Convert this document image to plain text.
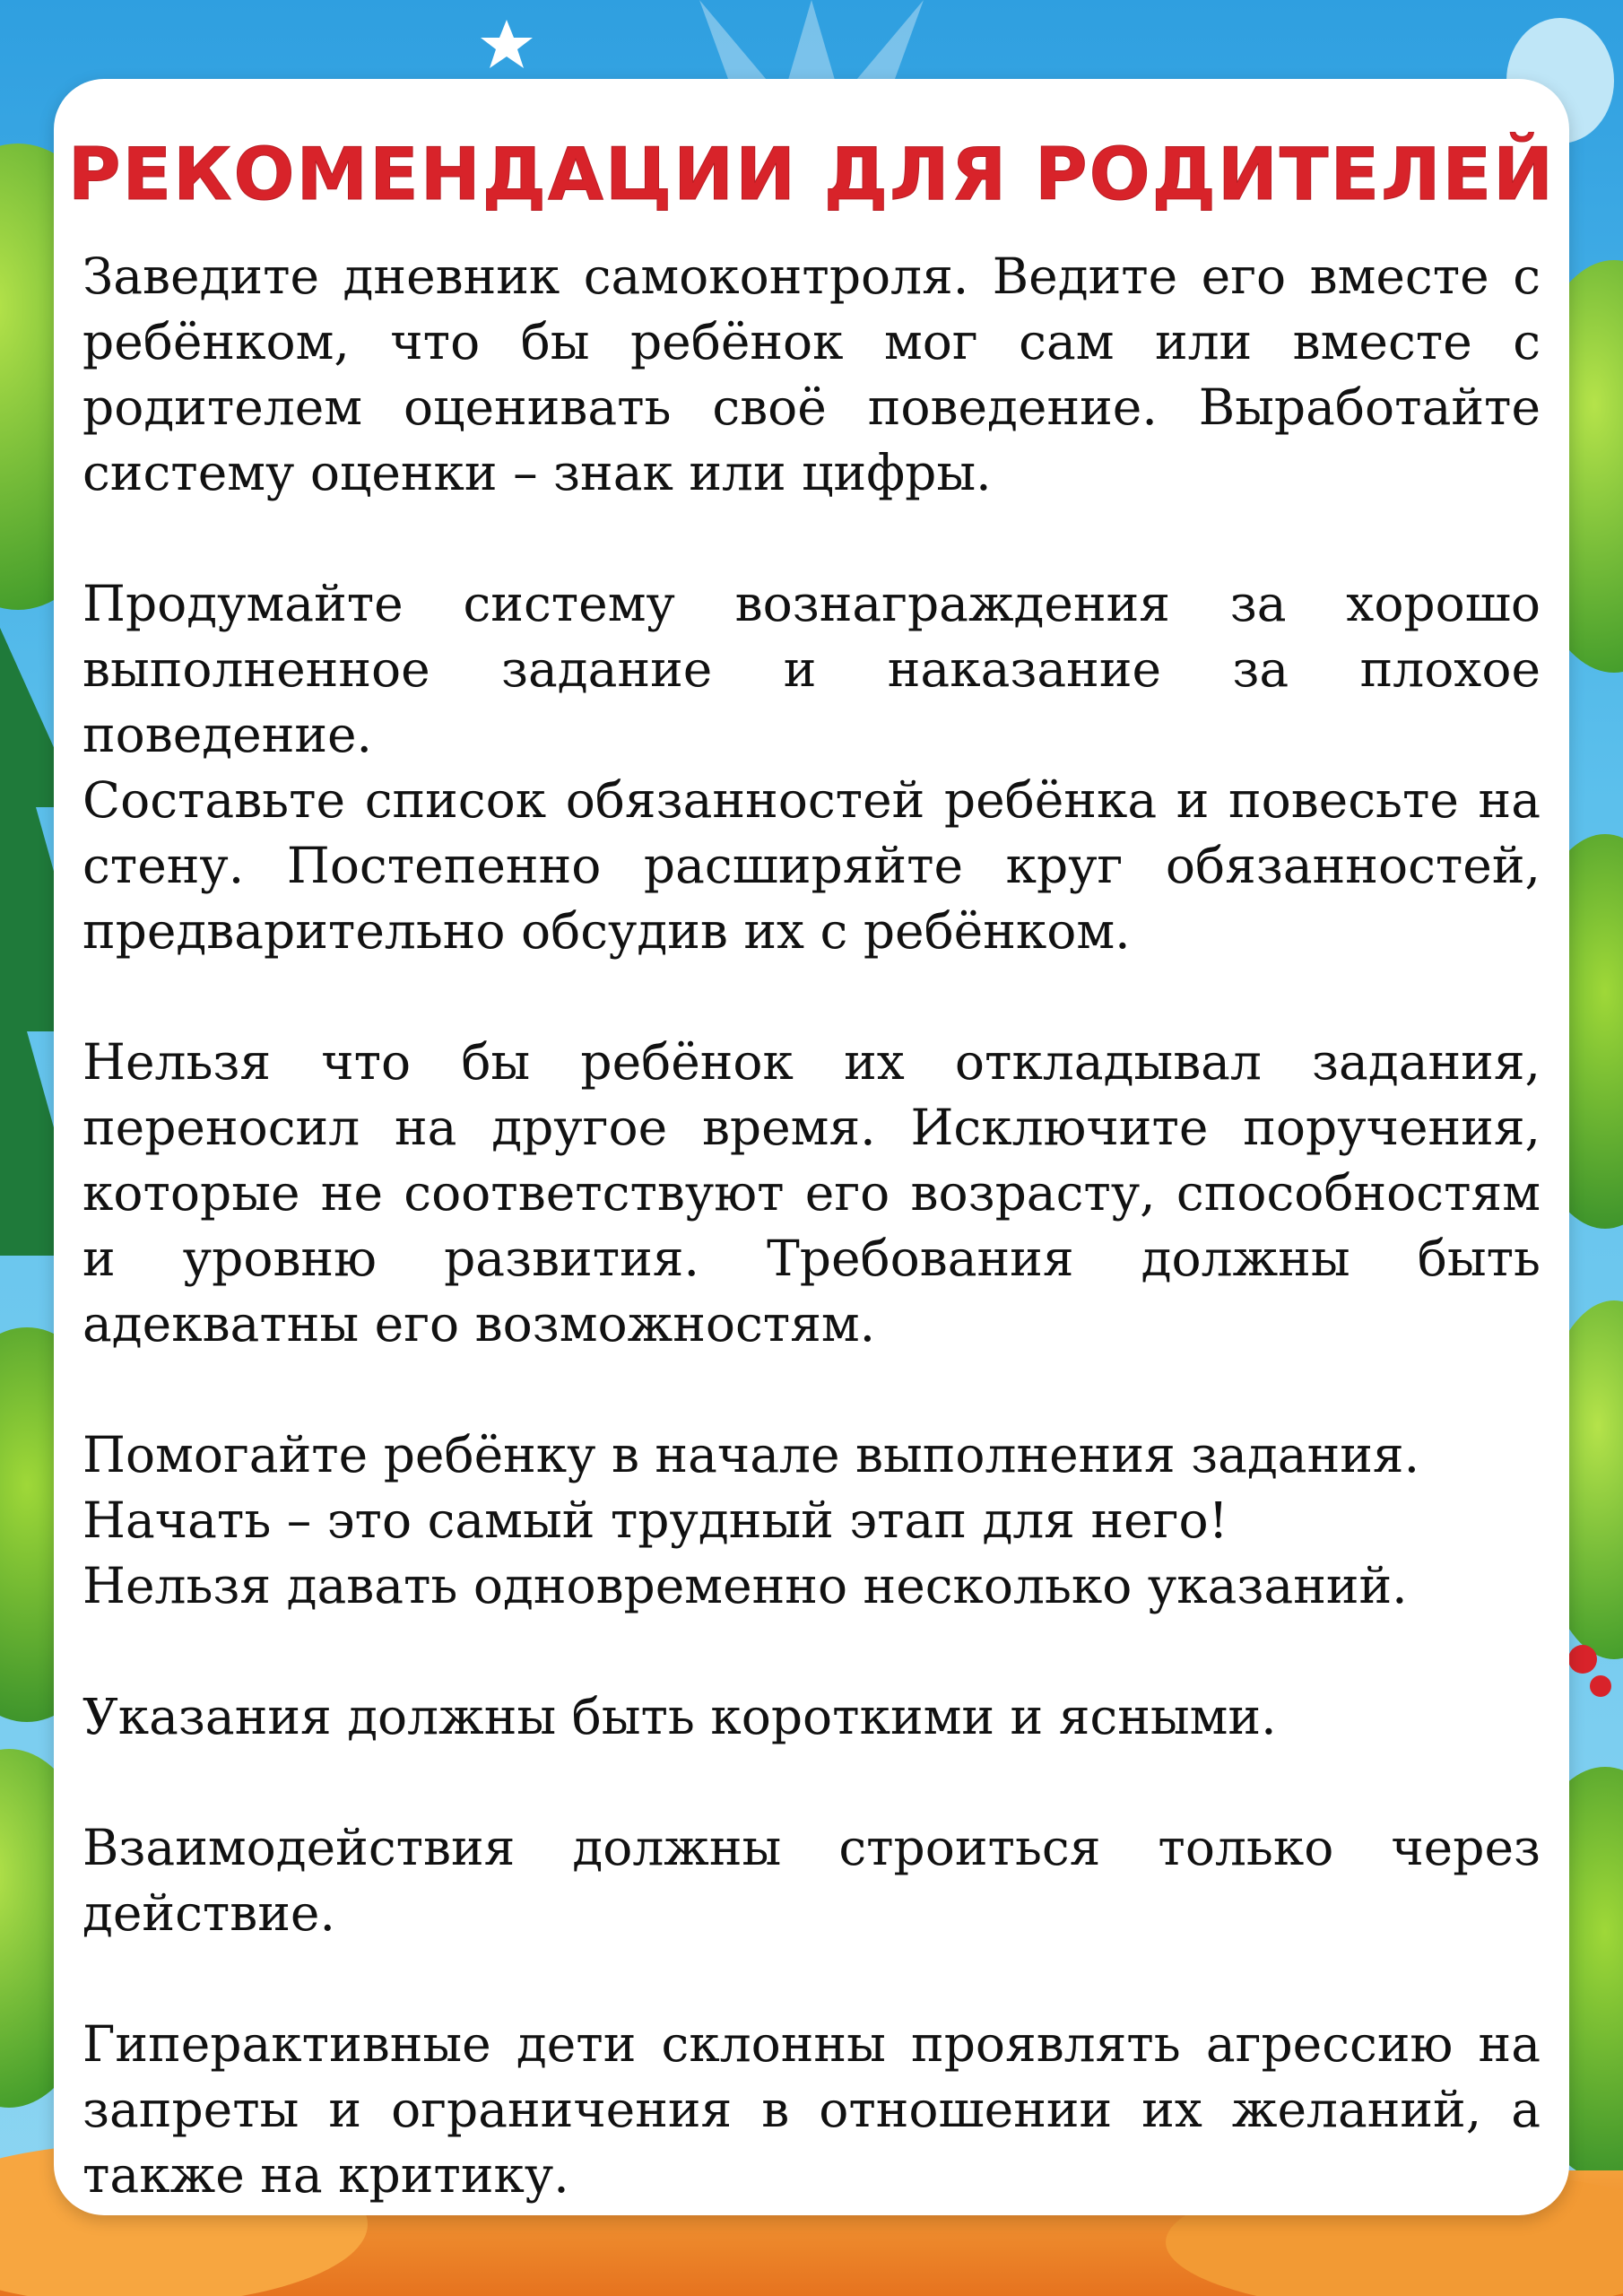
РЕКОМЕНДАЦИИ ДЛЯ РОДИТЕЛЕЙ

Заведите дневник самоконтроля. Ведите его вместе с ребёнком, что бы ребёнок мог сам или вместе с родителем оценивать своё поведение. Выработайте систему оценки – знак или цифры.

Продумайте систему вознаграждения за хорошо выполненное задание и наказание за плохое поведение.

Составьте список обязанностей ребёнка и повесьте на стену. Постепенно расширяйте круг обязанностей, предварительно обсудив их с ребёнком.

Нельзя что бы ребёнок их откладывал задания, переносил на другое время. Исключите поручения, которые не соответствуют его возрасту, способностям и уровню развития. Требования должны быть адекватны его возможностям.

Помогайте ребёнку в начале выполнения задания.

Начать – это самый трудный этап для него!

Нельзя давать одновременно несколько указаний.

Указания должны быть короткими и ясными.

Взаимодействия должны строиться только через действие.

Гиперактивные дети склонны проявлять агрессию на запреты и ограничения в отношении их желаний, а также на критику.
